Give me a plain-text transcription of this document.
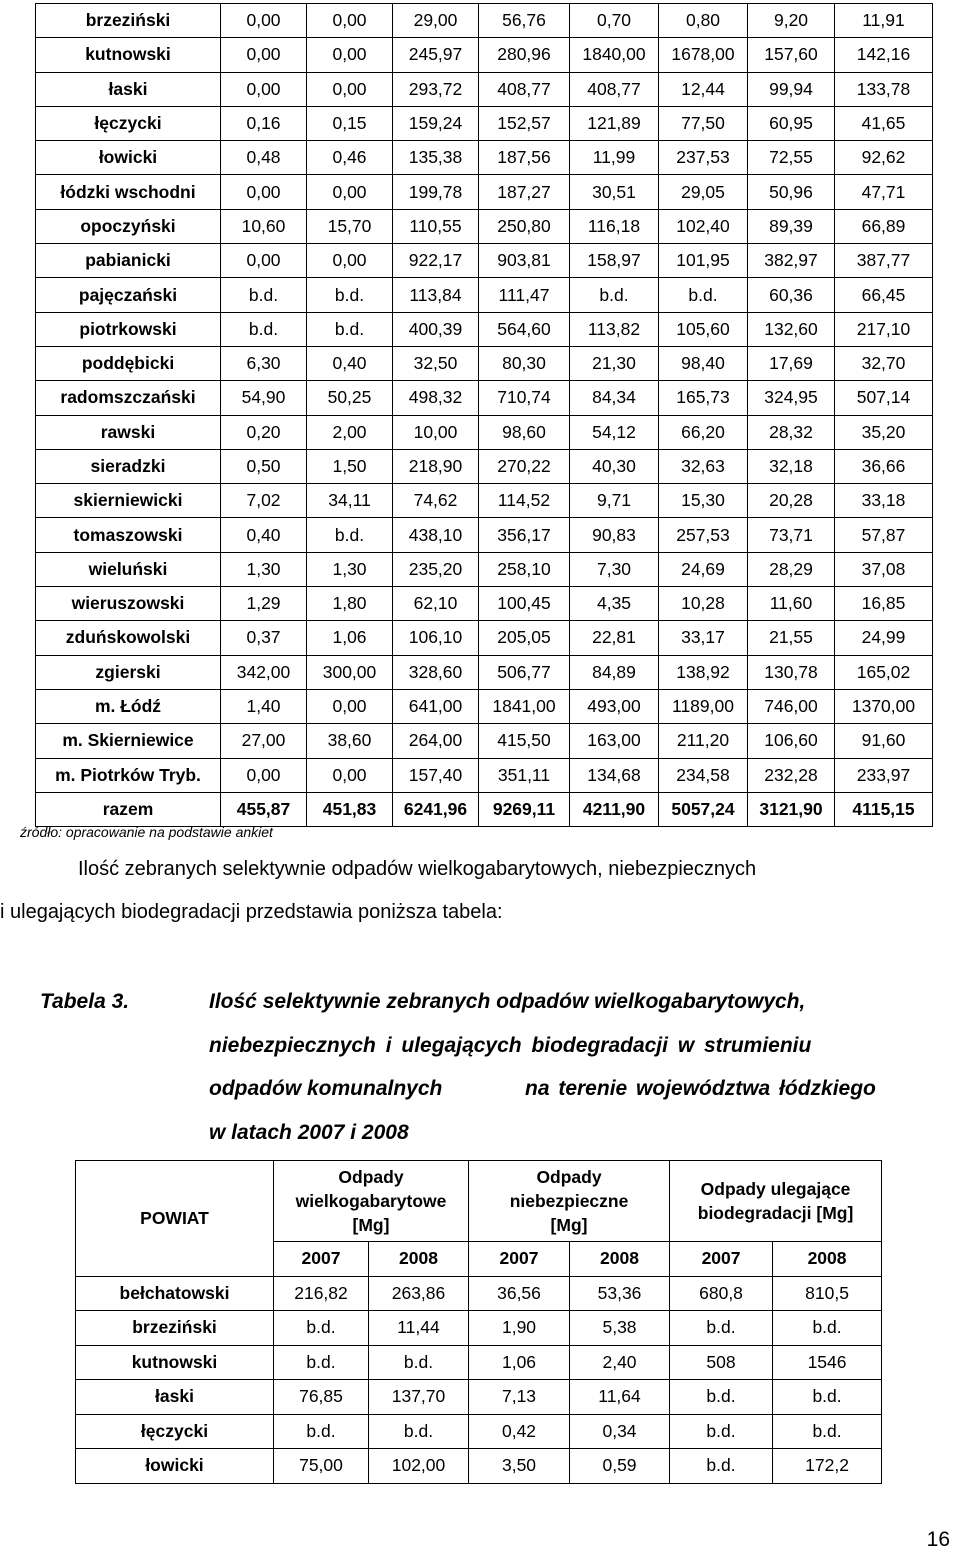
brzeziński	0,00	0,00	29,00	56,76	0,70	0,80	9,20	11,91
kutnowski	0,00	0,00	245,97	280,96	1840,00	1678,00	157,60	142,16
łaski	0,00	0,00	293,72	408,77	408,77	12,44	99,94	133,78
łęczycki	0,16	0,15	159,24	152,57	121,89	77,50	60,95	41,65
łowicki	0,48	0,46	135,38	187,56	11,99	237,53	72,55	92,62
łódzki wschodni	0,00	0,00	199,78	187,27	30,51	29,05	50,96	47,71
opoczyński	10,60	15,70	110,55	250,80	116,18	102,40	89,39	66,89
pabianicki	0,00	0,00	922,17	903,81	158,97	101,95	382,97	387,77
pajęczański	b.d.	b.d.	113,84	111,47	b.d.	b.d.	60,36	66,45
piotrkowski	b.d.	b.d.	400,39	564,60	113,82	105,60	132,60	217,10
poddębicki	6,30	0,40	32,50	80,30	21,30	98,40	17,69	32,70
radomszczański	54,90	50,25	498,32	710,74	84,34	165,73	324,95	507,14
rawski	0,20	2,00	10,00	98,60	54,12	66,20	28,32	35,20
sieradzki	0,50	1,50	218,90	270,22	40,30	32,63	32,18	36,66
skierniewicki	7,02	34,11	74,62	114,52	9,71	15,30	20,28	33,18
tomaszowski	0,40	b.d.	438,10	356,17	90,83	257,53	73,71	57,87
wieluński	1,30	1,30	235,20	258,10	7,30	24,69	28,29	37,08
wieruszowski	1,29	1,80	62,10	100,45	4,35	10,28	11,60	16,85
zduńskowolski	0,37	1,06	106,10	205,05	22,81	33,17	21,55	24,99
zgierski	342,00	300,00	328,60	506,77	84,89	138,92	130,78	165,02
m. Łódź	1,40	0,00	641,00	1841,00	493,00	1189,00	746,00	1370,00
m. Skierniewice	27,00	38,60	264,00	415,50	163,00	211,20	106,60	91,60
m. Piotrków Tryb.	0,00	0,00	157,40	351,11	134,68	234,58	232,28	233,97
razem	455,87	451,83	6241,96	9269,11	4211,90	5057,24	3121,90	4115,15
źródło: opracowanie na podstawie ankiet
Ilość zebranych selektywnie odpadów wielkogabarytowych, niebezpiecznych
i ulegających biodegradacji przedstawia poniższa tabela:
Tabela 3.	Ilość selektywnie zebranych odpadów wielkogabarytowych,
niebezpiecznych i ulegających biodegradacji w strumieniu
odpadów komunalnych	na terenie województwa łódzkiego
w latach 2007 i 2008
POWIAT	Odpady wielkogabarytowe [Mg]		Odpady niebezpieczne [Mg]		Odpady ulegające biodegradacji [Mg]	
	2007	2008	2007	2008	2007	2008
bełchatowski	216,82	263,86	36,56	53,36	680,8	810,5
brzeziński	b.d.	11,44	1,90	5,38	b.d.	b.d.
kutnowski	b.d.	b.d.	1,06	2,40	508	1546
łaski	76,85	137,70	7,13	11,64	b.d.	b.d.
łęczycki	b.d.	b.d.	0,42	0,34	b.d.	b.d.
łowicki	75,00	102,00	3,50	0,59	b.d.	172,2
16
